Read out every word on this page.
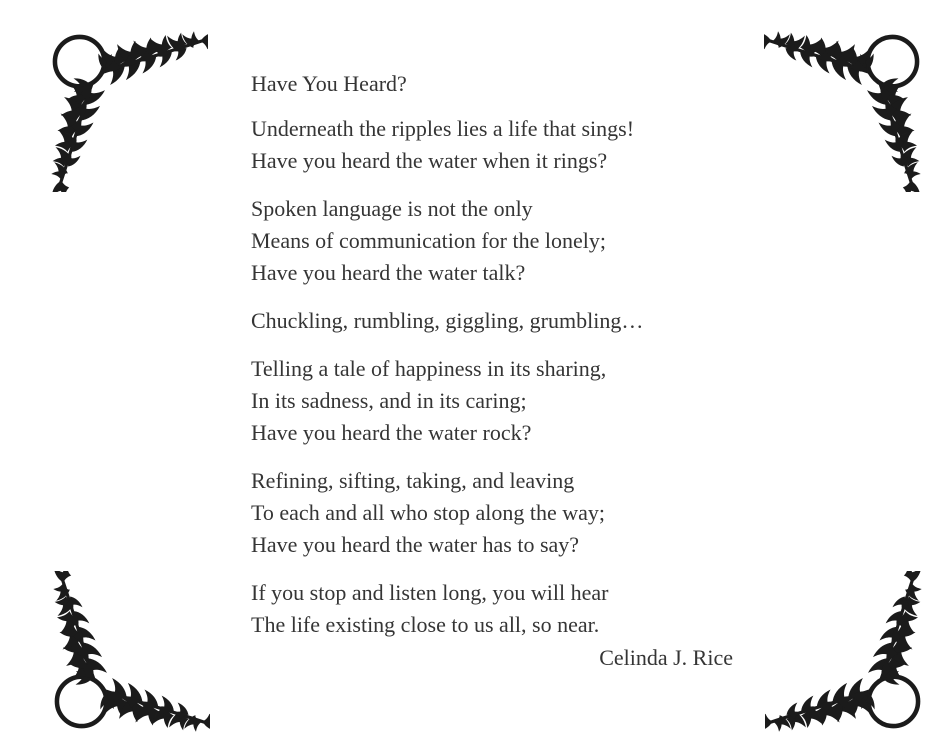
Have You Heard?

Underneath the ripples lies a life that sings!
Have you heard the water when it rings?

Spoken language is not the only
Means of communication for the lonely;
Have you heard the water talk?

Chuckling, rumbling, giggling, grumbling…

Telling a tale of happiness in its sharing,
In its sadness, and in its caring;
Have you heard the water rock?

Refining, sifting, taking, and leaving
To each and all who stop along the way;
Have you heard the water has to say?

If you stop and listen long, you will hear
The life existing close to us all, so near.

Celinda J. Rice
